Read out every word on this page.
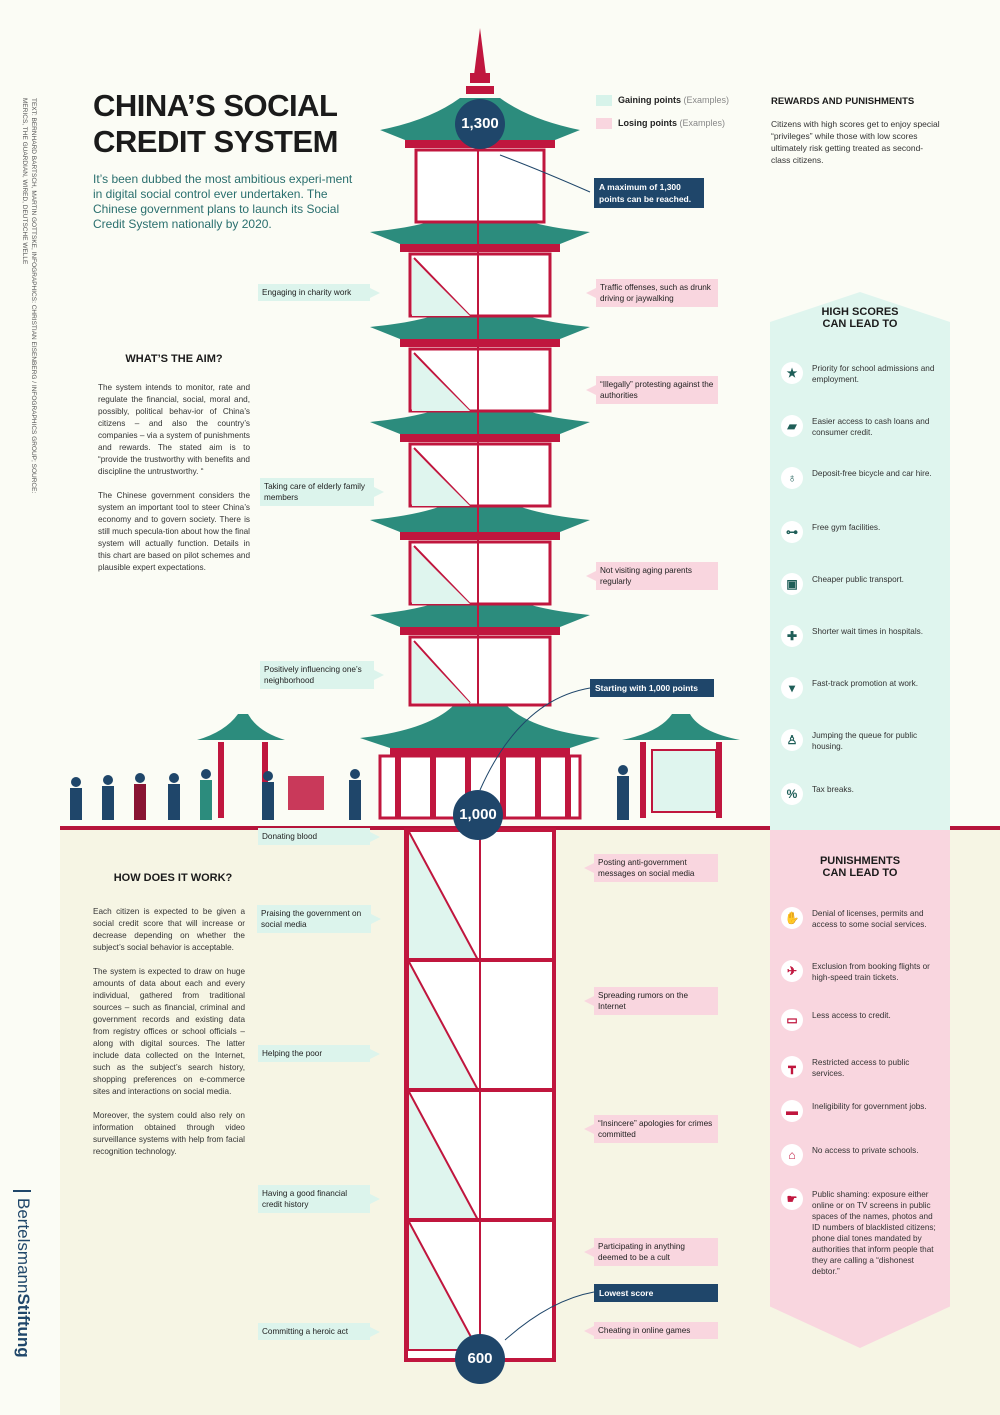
TEXT: BERNHARD BARTSCH, MARTIN GOTTSKE, INFOGRAPHICS: CHRISTIAN EISENBERG / INFOGRAPHICS GROUP; SOURCE: MERICS, THE GUARDIAN, WIRED, DEUTSCHE WELLE	CHINA’S SOCIAL
CREDIT SYSTEM
It’s been dubbed the most ambitious experi-ment in digital social control ever undertaken. The Chinese government plans to launch its Social Credit System nationally by 2020.
WHAT’S THE AIM?

The system intends to monitor, rate and regulate the financial, social, moral and, possibly, political behav-ior of China’s citizens – and also the country’s companies – via a system of punishments and rewards. The stated aim is to “provide the trustworthy with benefits and discipline the untrustworthy. “

The Chinese government considers the system an important tool to steer China’s economy and to govern society. There is still much specula-tion about how the final system will actually function. Details in this chart are based on pilot schemes and plausible expert expectations.

HOW DOES IT WORK?

Each citizen is expected to be given a social credit score that will increase or decrease depending on whether the subject’s social behavior is acceptable.

The system is expected to draw on huge amounts of data about each and every individual, gathered from traditional sources – such as financial, criminal and government records and existing data from registry offices or school officials – along with digital sources. The latter include data collected on the Internet, such as the subject’s search history, shopping preferences on e-commerce sites and interactions on social media.

Moreover, the system could also rely on information obtained through video surveillance systems with help from facial recognition technology.

BertelsmannStiftung
Gaining points (Examples)
Losing points (Examples)
REWARDS AND PUNISHMENTS
Citizens with high scores get to enjoy special “privileges” while those with low scores ultimately risk getting treated as second-class citizens.
1,300
1,000
600
A maximum of 1,300 points can be reached.
Starting with 1,000 points
Lowest score
Engaging in charity work
Taking care of elderly family members
Positively influencing one’s neighborhood
Donating blood
Praising the government on social media
Helping the poor
Having a good financial credit history
Committing a heroic act
Traffic offenses, such as drunk driving or jaywalking
“Illegally” protesting against the authorities
Not visiting aging parents regularly
Posting anti-government messages on social media
Spreading rumors on the Internet
“Insincere” apologies for crimes committed
Participating in anything deemed to be a cult
Cheating in online games
HIGH SCORES
CAN LEAD TO
★	Priority for school admissions and employment.
▰	Easier access to cash loans and consumer credit.
♁	Deposit-free bicycle and car hire.
⊶	Free gym facilities.
▣	Cheaper public transport.
✚	Shorter wait times in hospitals.
▾	Fast-track promotion at work.
♙	Jumping the queue for public housing.
%	Tax breaks.
PUNISHMENTS
CAN LEAD TO
✋	Denial of licenses, permits and access to some social services.
✈	Exclusion from booking flights or high-speed train tickets.
▭	Less access to credit.
┳	Restricted access to public services.
▬	Ineligibility for government jobs.
⌂	No access to private schools.
☛	Public shaming: exposure either online or on TV screens in public spaces of the names, photos and ID numbers of blacklisted citizens; phone dial tones mandated by authorities that inform people that they are calling a “dishonest debtor.”
